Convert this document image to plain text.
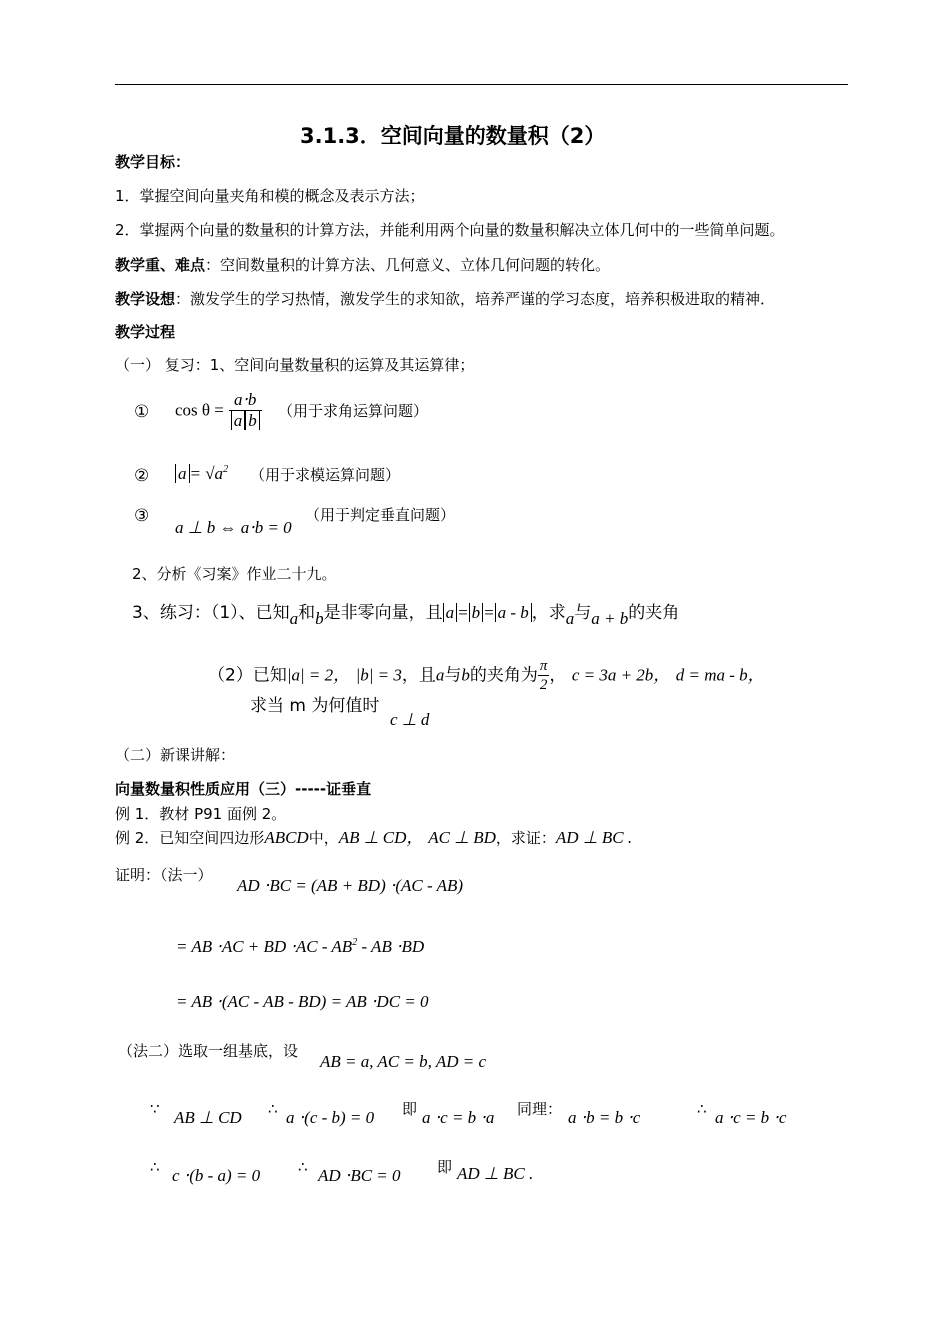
3.1.3．空间向量的数量积（2）
教学目标：
1．掌握空间向量夹角和模的概念及表示方法；
2．掌握两个向量的数量积的计算方法，并能利用两个向量的数量积解决立体几何中的一些简单问题。
教学重、难点：空间数量积的计算方法、几何意义、立体几何问题的转化。
教学设想：激发学生的学习热情，激发学生的求知欲，培养严谨的学习态度，培养积极进取的精神．
教学过程
（一） 复习：1、空间向量数量积的运算及其运算律；
① $\cos \theta = \frac{a\cdot b}{\text{a b}}$ （用于求角运算问题）
② $a = √a^2$ （用于求模运算问题）
③
a ⊥ b ⇔ a⋅b = 0
（用于判定垂直问题）
2、分析《习案》作业二十九。
3、练习：（1）、已知a和b是非零向量，且 a = b = a - b ，求a与a + b的夹角
（2）已知|a| = 2， |b| = 3，且a与b的夹角为 $\frac{\pi}{2}$ ， c = 3a + 2b， d = ma - b，
求当 m 为何值时
c ⊥ d
（二）新课讲解：
向量数量积性质应用（三）-----证垂直
例 1．教材 P91 面例 2。
例 2．已知空间四边形ABCD中，AB ⊥ CD， AC ⊥ BD，求证：AD ⊥ BC .
证明：（法一）
AD ⋅BC = (AB + BD) ⋅(AC - AB)
= AB ⋅AC + BD $\cdot AC - AB^2$ - AB ⋅BD
= AB ⋅(AC - AB - BD) = AB ⋅DC = 0
（法二）选取一组基底，设
AB = a, AC = b, AD = c
∵ AB ⊥ CD ∴ a ⋅(c - b) = 0 即 a ⋅c = b ⋅a 同理： a ⋅b = b ⋅c	∴ a ⋅c = b ⋅c
∴ c ⋅(b - a) = 0	∴ AD ⋅BC = 0 即 AD ⊥ BC .
